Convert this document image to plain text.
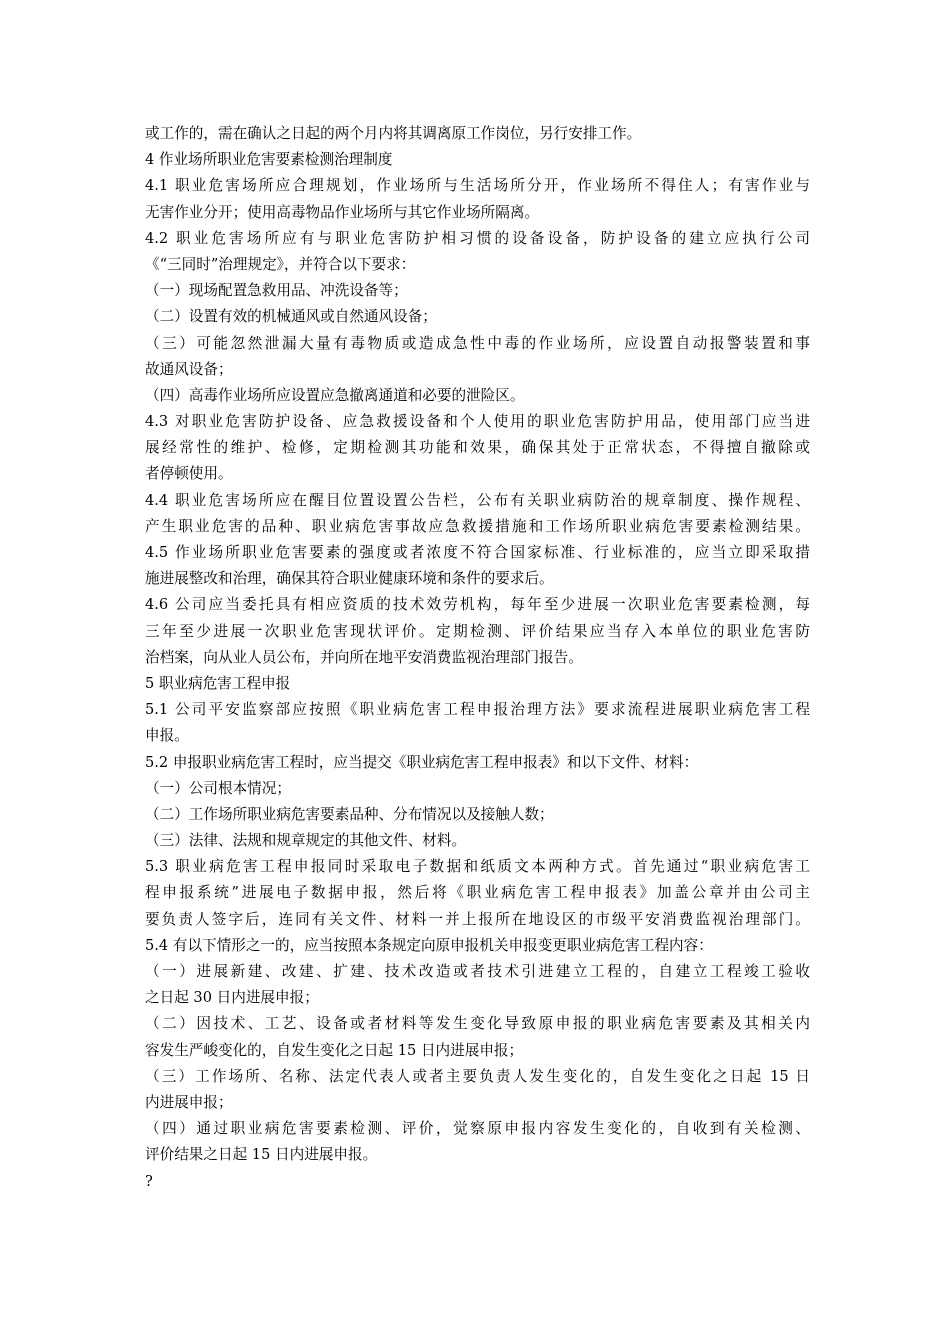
或工作的，需在确认之日起的两个月内将其调离原工作岗位，另行安排工作。
4 作业场所职业危害要素检测治理制度
4.1 职业危害场所应合理规划，作业场所与生活场所分开，作业场所不得住人；有害作业与
无害作业分开；使用高毒物品作业场所与其它作业场所隔离。
4.2 职业危害场所应有与职业危害防护相习惯的设备设备，防护设备的建立应执行公司
《“三同时”治理规定》，并符合以下要求：
（一）现场配置急救用品、冲洗设备等；
（二）设置有效的机械通风或自然通风设备；
（三）可能忽然泄漏大量有毒物质或造成急性中毒的作业场所，应设置自动报警装置和事
故通风设备；
（四）高毒作业场所应设置应急撤离通道和必要的泄险区。
4.3 对职业危害防护设备、应急救援设备和个人使用的职业危害防护用品，使用部门应当进
展经常性的维护、检修，定期检测其功能和效果，确保其处于正常状态，不得擅自撤除或
者停顿使用。
4.4 职业危害场所应在醒目位置设置公告栏，公布有关职业病防治的规章制度、操作规程、
产生职业危害的品种、职业病危害事故应急救援措施和工作场所职业病危害要素检测结果。
4.5 作业场所职业危害要素的强度或者浓度不符合国家标准、行业标准的，应当立即采取措
施进展整改和治理，确保其符合职业健康环境和条件的要求后。
4.6 公司应当委托具有相应资质的技术效劳机构，每年至少进展一次职业危害要素检测，每
三年至少进展一次职业危害现状评价。定期检测、评价结果应当存入本单位的职业危害防
治档案，向从业人员公布，并向所在地平安消费监视治理部门报告。
5 职业病危害工程申报
5.1 公司平安监察部应按照《职业病危害工程申报治理方法》要求流程进展职业病危害工程
申报。
5.2 申报职业病危害工程时，应当提交《职业病危害工程申报表》和以下文件、材料：
（一）公司根本情况；
（二）工作场所职业病危害要素品种、分布情况以及接触人数；
（三）法律、法规和规章规定的其他文件、材料。
5.3 职业病危害工程申报同时采取电子数据和纸质文本两种方式。首先通过“职业病危害工
程申报系统”进展电子数据申报，然后将《职业病危害工程申报表》加盖公章并由公司主
要负责人签字后，连同有关文件、材料一并上报所在地设区的市级平安消费监视治理部门。
5.4 有以下情形之一的，应当按照本条规定向原申报机关申报变更职业病危害工程内容：
（一）进展新建、改建、扩建、技术改造或者技术引进建立工程的，自建立工程竣工验收
之日起 30 日内进展申报；
（二）因技术、工艺、设备或者材料等发生变化导致原申报的职业病危害要素及其相关内
容发生严峻变化的，自发生变化之日起 15 日内进展申报；
（三）工作场所、名称、法定代表人或者主要负责人发生变化的，自发生变化之日起 15 日
内进展申报；
（四）通过职业病危害要素检测、评价，觉察原申报内容发生变化的，自收到有关检测、
评价结果之日起 15 日内进展申报。
?
